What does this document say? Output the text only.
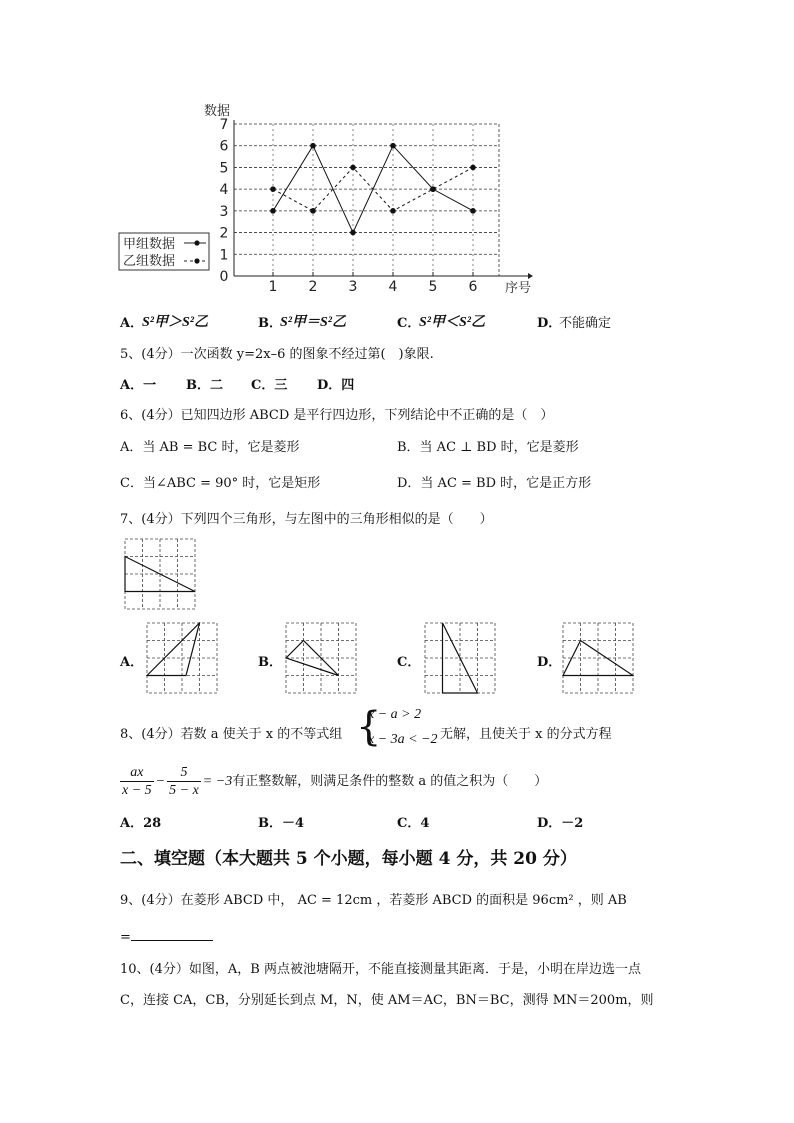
0
1
2
3
4
5
6
7
1 2 3 4 5 6
数据
序号
甲组数据
乙组数据
A．
S²甲＞S²乙	B．
S²甲＝S²乙	C．
S²甲＜S²乙	D．
不能确定
5、(4分）一次函数 y=2x–6 的图象不经过第(　)象限.
A．一 B．二 C．三 D．四
6、(4分）已知四边形 ABCD 是平行四边形，下列结论中不正确的是（　）
A．当 AB = BC 时，它是菱形	B．当 AC ⊥ BD 时，它是菱形
C．当∠ABC = 90° 时，它是矩形	D．当 AC = BD 时，它是正方形
7、(4分）下列四个三角形，与左图中的三角形相似的是（　　）
A．	B．	C．	D．
8、(4分）若数 a 使关于 x 的不等式组 {
x − a > 2
x − 3a < −2 无解，且使关于 x 的分式方程
$\frac{ax}{x - 5} - \frac{5}{5 - x} = -3$有正整数解，则满足条件的整数 a 的值之积为（　　）
A．28	B．－4	C．4	D．－2
二、填空题（本大题共 5 个小题，每小题 4 分，共 20 分）
9、(4分）在菱形 ABCD 中， AC = 12cm ，若菱形 ABCD 的面积是 96cm² ，则 AB
=
10、(4分）如图，A，B 两点被池塘隔开，不能直接测量其距离．于是，小明在岸边选一点
C，连接 CA，CB，分别延长到点 M，N，使 AM＝AC，BN＝BC，测得 MN＝200m，则
